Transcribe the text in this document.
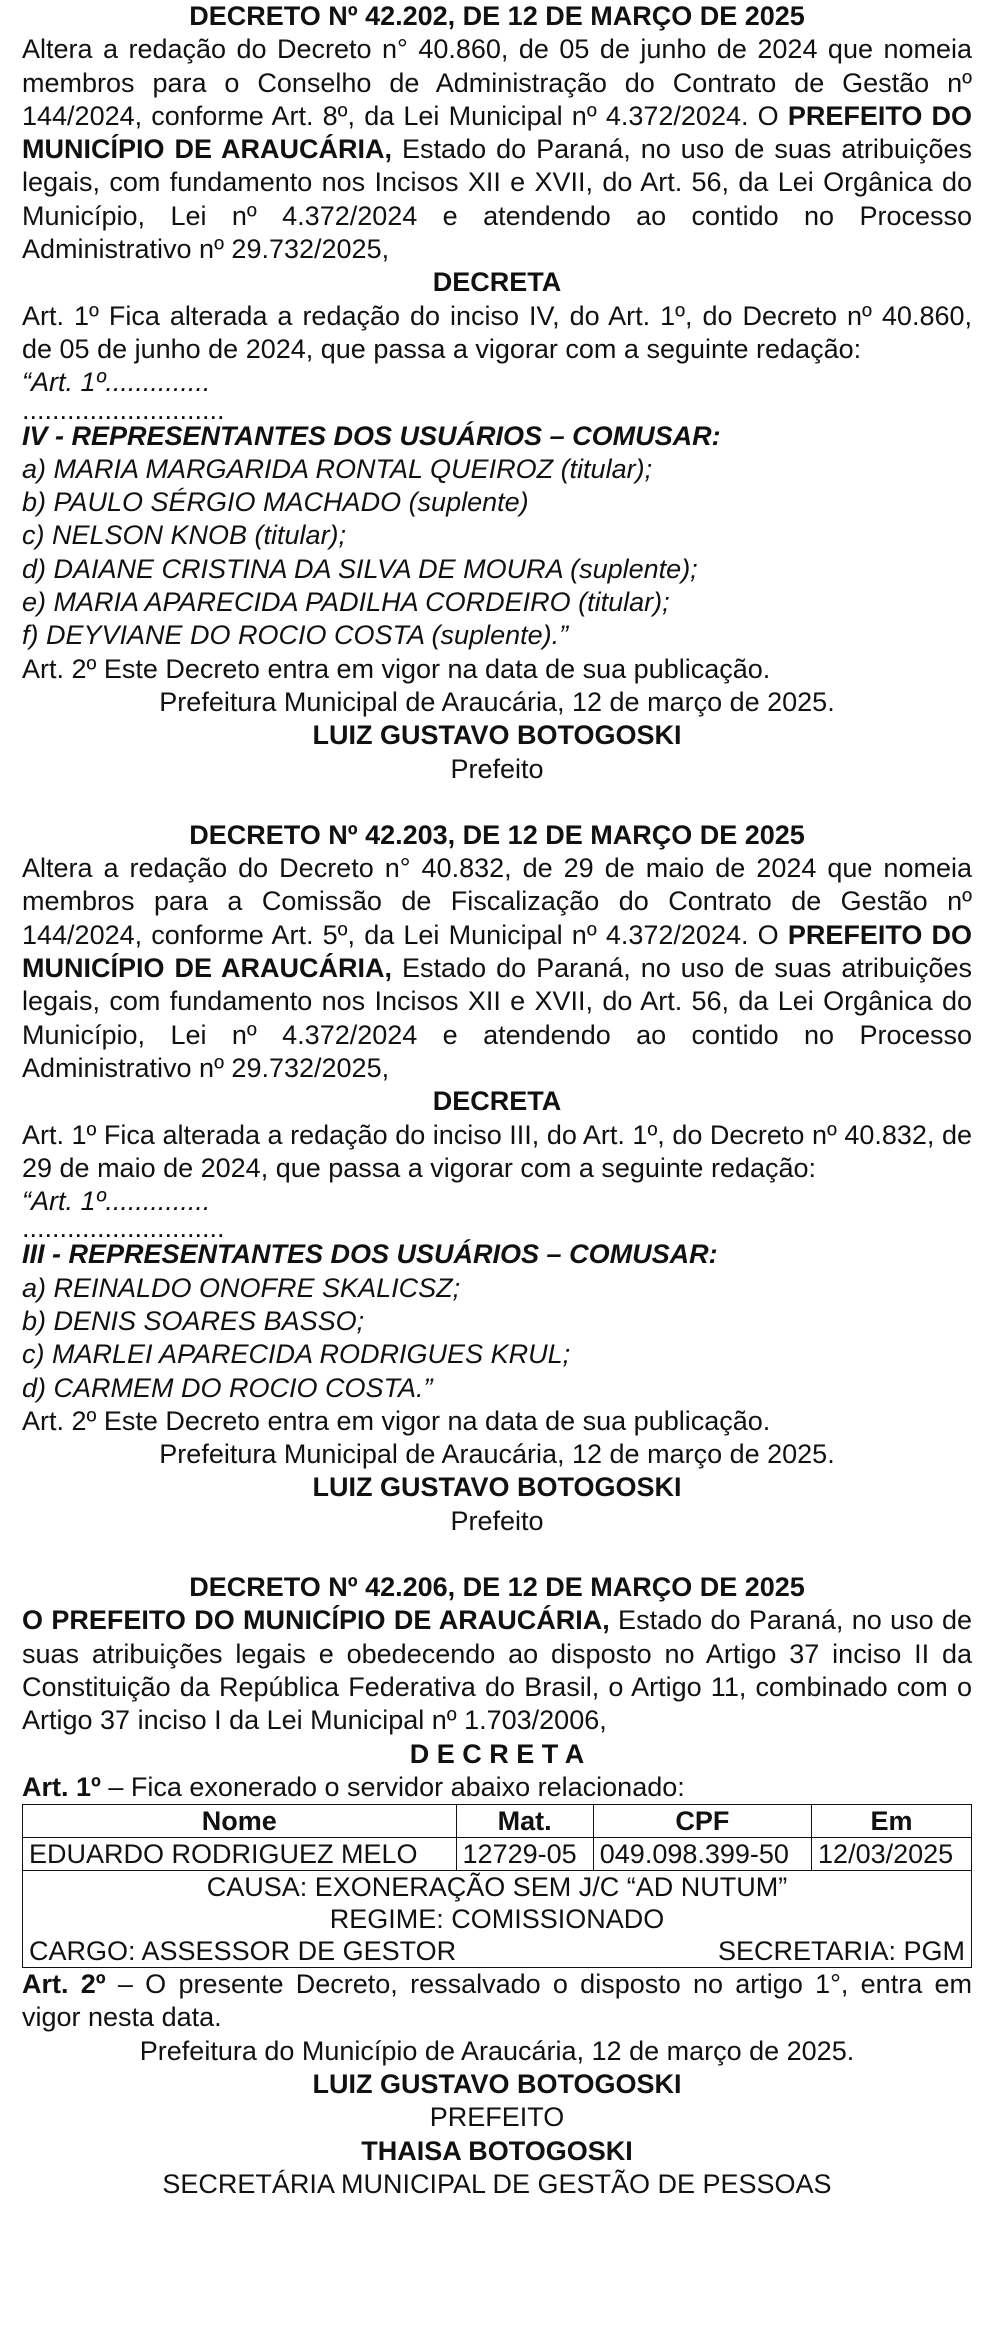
DECRETO Nº 42.202, DE 12 DE MARÇO DE 2025
Altera a redação do Decreto n° 40.860, de 05 de junho de 2024 que nomeia membros para o Conselho de Administração do Contrato de Gestão nº 144/2024, conforme Art. 8º, da Lei Municipal nº 4.372/2024. O PREFEITO DO MUNICÍPIO DE ARAUCÁRIA, Estado do Paraná, no uso de suas atribuições legais, com fundamento nos Incisos XII e XVII, do Art. 56, da Lei Orgânica do Município, Lei nº 4.372/2024 e atendendo ao contido no Processo Administrativo nº 29.732/2025,
DECRETA
Art. 1º Fica alterada a redação do inciso IV, do Art. 1º, do Decreto nº 40.860, de 05 de junho de 2024, que passa a vigorar com a seguinte redação:
“Art. 1º..............
...........................
IV - REPRESENTANTES DOS USUÁRIOS – COMUSAR:
a) MARIA MARGARIDA RONTAL QUEIROZ (titular);
b) PAULO SÉRGIO MACHADO (suplente)
c) NELSON KNOB (titular);
d) DAIANE CRISTINA DA SILVA DE MOURA (suplente);
e) MARIA APARECIDA PADILHA CORDEIRO (titular);
f) DEYVIANE DO ROCIO COSTA (suplente).”
Art. 2º Este Decreto entra em vigor na data de sua publicação.
Prefeitura Municipal de Araucária, 12 de março de 2025.
LUIZ GUSTAVO BOTOGOSKI
Prefeito
DECRETO Nº 42.203, DE 12 DE MARÇO DE 2025
Altera a redação do Decreto n° 40.832, de 29 de maio de 2024 que nomeia membros para a Comissão de Fiscalização do Contrato de Gestão nº 144/2024, conforme Art. 5º, da Lei Municipal nº 4.372/2024. O PREFEITO DO MUNICÍPIO DE ARAUCÁRIA, Estado do Paraná, no uso de suas atribuições legais, com fundamento nos Incisos XII e XVII, do Art. 56, da Lei Orgânica do Município, Lei nº 4.372/2024 e atendendo ao contido no Processo Administrativo nº 29.732/2025,
DECRETA
Art. 1º Fica alterada a redação do inciso III, do Art. 1º, do Decreto nº 40.832, de 29 de maio de 2024, que passa a vigorar com a seguinte redação:
“Art. 1º..............
...........................
III - REPRESENTANTES DOS USUÁRIOS – COMUSAR:
a) REINALDO ONOFRE SKALICSZ;
b) DENIS SOARES BASSO;
c) MARLEI APARECIDA RODRIGUES KRUL;
d) CARMEM DO ROCIO COSTA.”
Art. 2º Este Decreto entra em vigor na data de sua publicação.
Prefeitura Municipal de Araucária, 12 de março de 2025.
LUIZ GUSTAVO BOTOGOSKI
Prefeito
DECRETO Nº 42.206, DE 12 DE MARÇO DE 2025
O PREFEITO DO MUNICÍPIO DE ARAUCÁRIA, Estado do Paraná, no uso de suas atribuições legais e obedecendo ao disposto no Artigo 37 inciso II da Constituição da República Federativa do Brasil, o Artigo 11, combinado com o Artigo 37 inciso I da Lei Municipal nº 1.703/2006,
D E C R E T A
Art. 1º – Fica exonerado o servidor abaixo relacionado:
Nome	Mat.	CPF	Em
EDUARDO RODRIGUEZ MELO	12729-05	049.098.399-50	12/03/2025

CAUSA: EXONERAÇÃO SEM J/C “AD NUTUM”
REGIME: COMISSIONADO
CARGO: ASSESSOR DE GESTOR SECRETARIA: PGM			
Art. 2º – O presente Decreto, ressalvado o disposto no artigo 1°, entra em vigor nesta data.
Prefeitura do Município de Araucária, 12 de março de 2025.
LUIZ GUSTAVO BOTOGOSKI
PREFEITO
THAISA BOTOGOSKI
SECRETÁRIA MUNICIPAL DE GESTÃO DE PESSOAS
